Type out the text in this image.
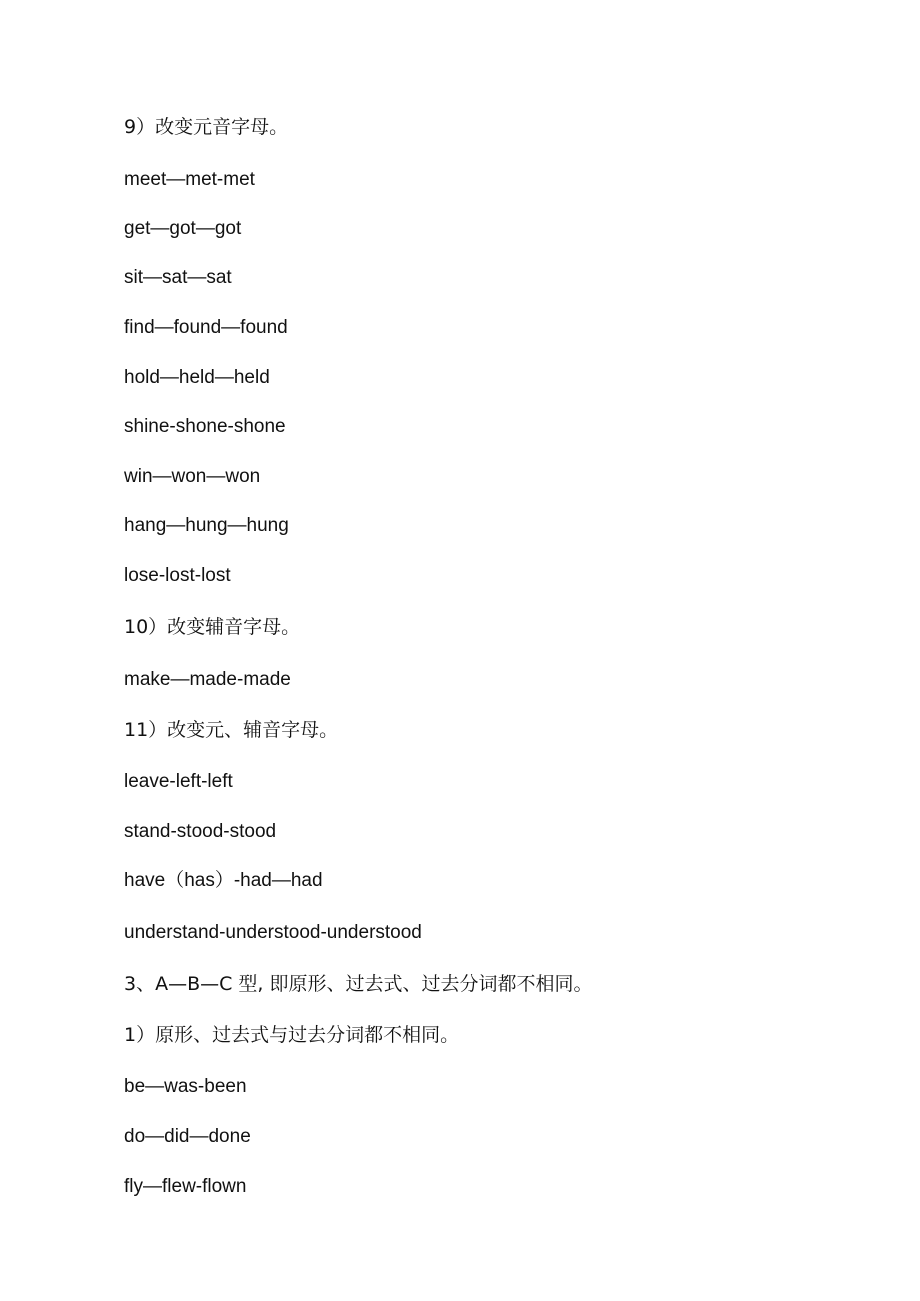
9）改变元音字母。
meet—met-met
get—got—got
sit—sat—sat
find—found—found
hold—held—held
shine-shone-shone
win—won—won
hang—hung—hung
lose-lost-lost
10）改变辅音字母。
make—made-made
11）改变元、辅音字母。
leave-left-left
stand-stood-stood
have（has）-had—had
understand-understood-understood
3、A—B—C 型, 即原形、过去式、过去分词都不相同。
1）原形、过去式与过去分词都不相同。
be—was-been
do—did—done
fly—flew-flown
